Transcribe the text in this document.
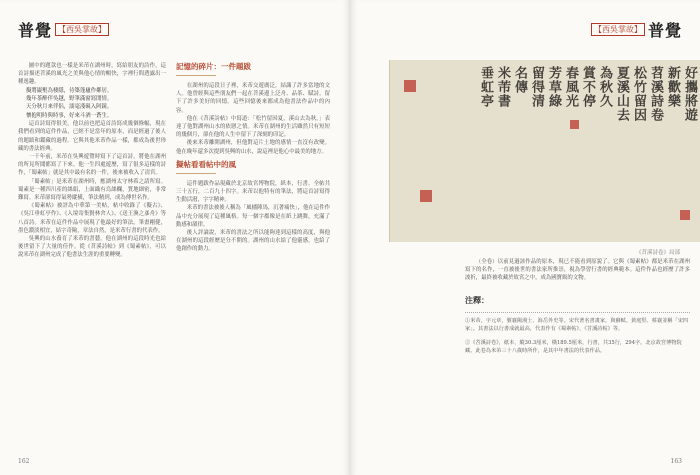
普覺 【西吳掌故】

圖中的題款也一樣是米芾在湖州時，寫給朋友的詩作，這首詩描述苕溪的風光之美與他心情的暢快，字裡行間透露出一種逸趣。

擬將巖壑為棲隱，待築蓬廬作鄰居。
幾年茶醉伴吳越，野筆滿窗寫閒情。
天分秋月來伴侶，濡毫淺硯入阿鏡。
懷抱明時與時事，好來斗酒一蒼生。

這首詩寫得很美。他以前也把這首詩寫成幾個條幅，現在我們看到的這件作品，已經不是當年的原本，而是經過了後人的題跋和鑑藏的過程。它與其他米芾作品一樣，都成為後世珍藏的書法經典。

一千年前，米芾在吳興遊覽時寫下了這首詩，將他在湖州的所見所聞都寫了下來。他一生四處遊歷，寫了很多這樣的詩作，「蜀素帖」就是其中最有名的一件，後來被收入了清宮。

「蜀素帖」是米芾在湖州時，應湖州太守林希之請所寫。蜀素是一種四川產的絲絹，上面織有烏絲欄，質地細密，非常難寫。米芾卻寫得氣勢縱橫，筆法精到，成為傳世名作。

《蜀素帖》被評為中華第一美帖，帖中收錄了《擬古》、《吳江垂虹亭作》、《入境寄集賢林舍人》、《送王渙之彥舟》等八首詩。米芾在這件作品中展現了他最好的筆法，筆畫剛健，墨色濃淡相宜，結字奇險，章法自然，是米芾行書的代表作。

吳興的山水養育了米芾的書藝，他在湖州的這段時光也給後世留下了大量的佳作。從《苕溪詩帖》到《蜀素帖》，可以說米芾在湖州完成了他書法生涯的重要轉變。

記憶的碎片：一件題跋

在湖州的這段日子裡，米芾交遊廣泛，結識了許多當地的文人。他曾經與這些朋友們一起在苕溪邊上泛舟、品茶、賦詩，留下了許多美好的回憶。這些回憶後來都成為他書法作品中的內容。

他在《苕溪詩帖》中寫道：「松竹留因夏，溪山去為秋。」表達了他對湖州山水的依戀之情。米芾在湖州的生活雖然只有短短的幾個月，卻在他的人生中留下了深刻的印記。

後來米芾離開湖州，但他對這片土地的感情一直沒有改變。他在晚年還多次提到吳興的山水，說這裡是他心中最美的地方。

擬帖看看帖中的風

這件題跋作品現藏於北京故宮博物院，紙本，行書。全帖共三十五行，二百九十四字。米芾以他特有的筆法，將這首詩寫得生動活潑，字字精神。

米芾的書法被後人稱為「風檣陣馬，沉著痛快」，他在這件作品中充分展現了這種風格。每一個字都像是在紙上跳舞，充滿了動感和韻律。

後人評論說，米芾的書法之所以能夠達到這樣的高度，與他在湖州的這段經歷是分不開的。湖州的山水給了他靈感，也給了他創作的動力。

162
【西吳掌故】 普覺
好攜將遊
新歡樂
苕溪詩卷
松竹留因
夏溪山去
為秋久
賞不停
春風光
芳草綠
留得清
名傳
米芾書
垂虹亭
《苕溪詩卷》局部

（全卷）以前見過該作品的原本，現已不能看到原貌了。它與《蜀素帖》都是米芾在湖州寫下的名作，一直被後世的書法家所推崇，視為學習行書的經典範本。這件作品也經歷了許多波折，最終被收藏於故宮之中，成為國寶級的文物。

注釋：

①米芾，字元章，號襄陽漫士、海岳外史等。宋代著名書畫家，與蘇軾、黃庭堅、蔡襄並稱「宋四家」。其書法以行書成就最高，代表作有《蜀素帖》、《苕溪詩帖》等。

②《苕溪詩卷》，紙本，縱30.3厘米，橫189.5厘米，行書，共35行，294字。北京故宮博物院藏。此卷為米芾三十八歲時所作，是其中年書法的代表作品。

163
